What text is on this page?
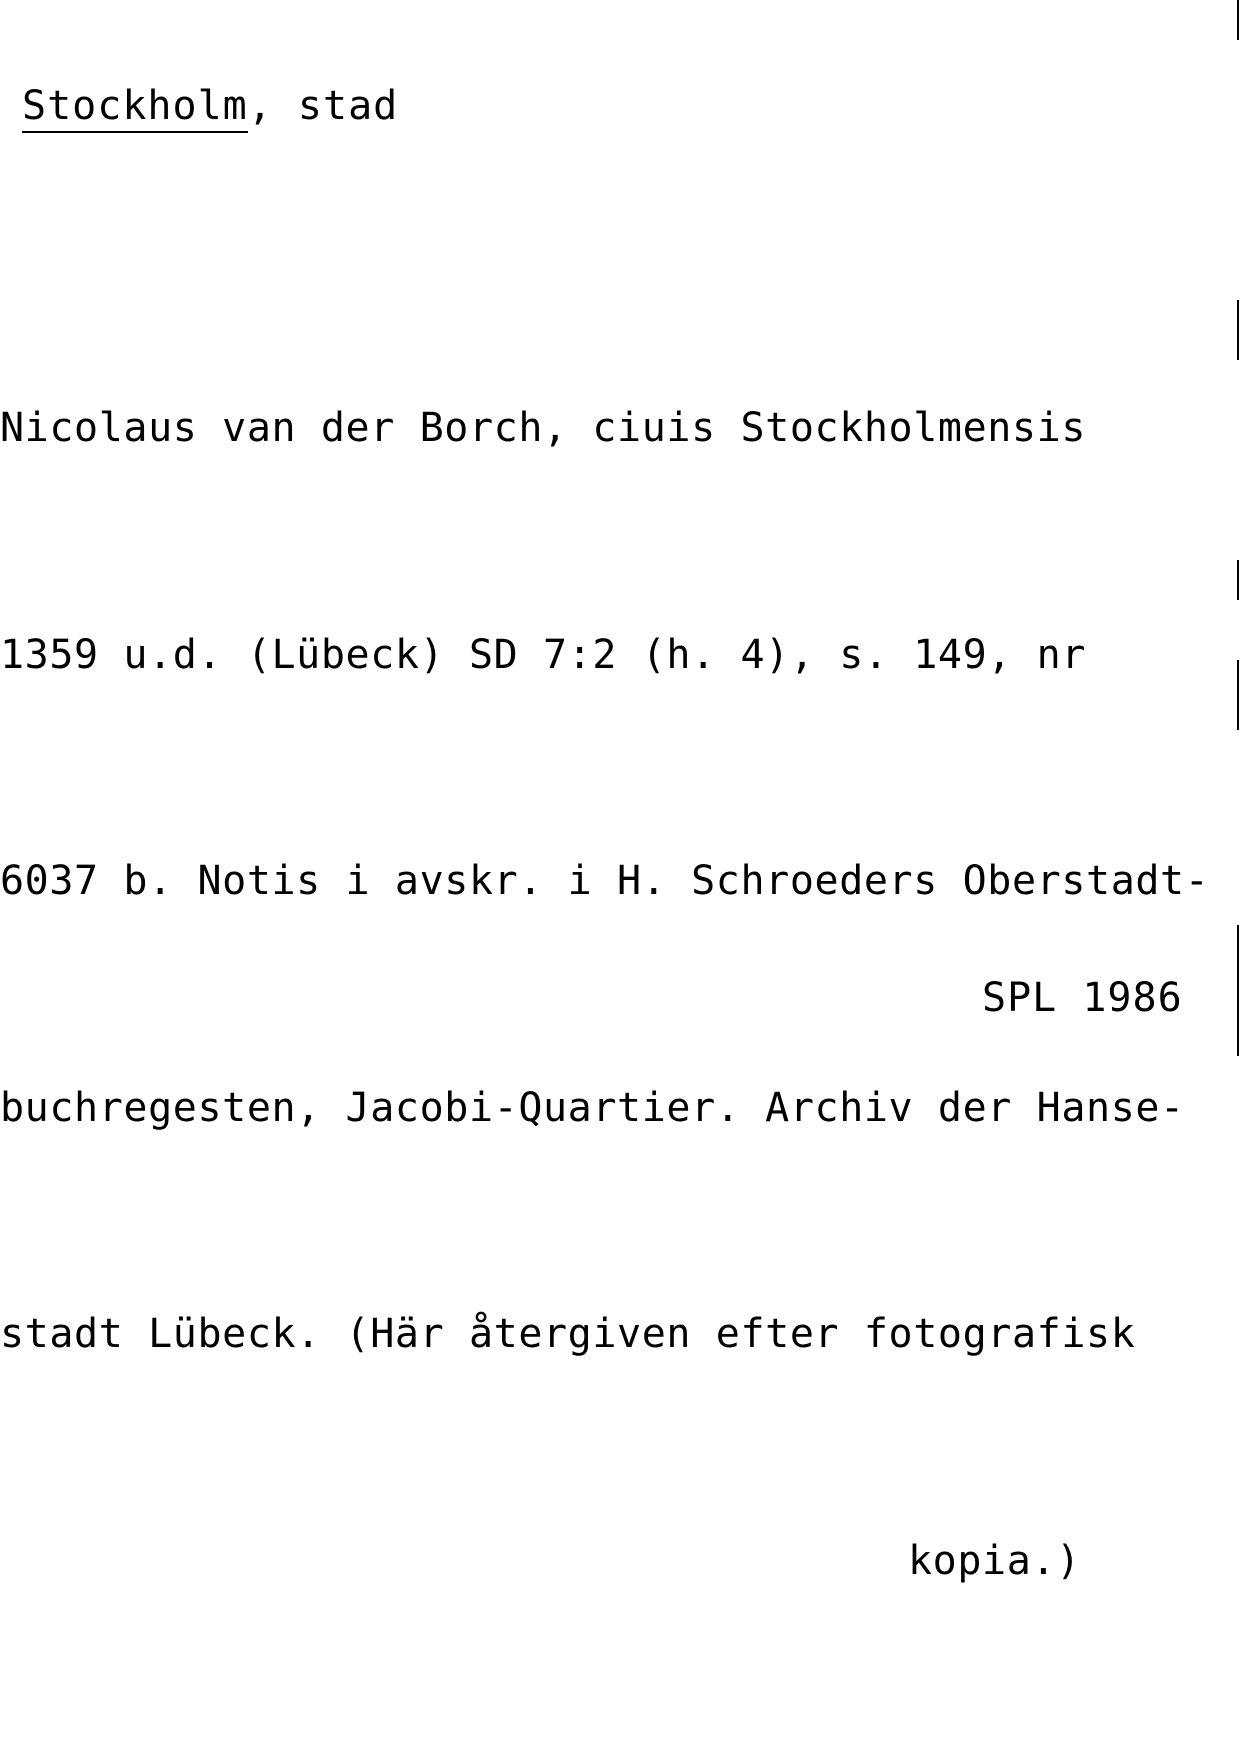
Stockholm, stad

Nicolaus van der Borch, ciuis Stockholmensis

1359 u.d. (Lübeck) SD 7:2 (h. 4), s. 149, nr

6037 b. Notis i avskr. i H. Schroeders Oberstadt-

buchregesten, Jacobi-Quartier. Archiv der Hanse-

stadt Lübeck. (Här återgiven efter fotografisk

kopia.)

SPL 1986
